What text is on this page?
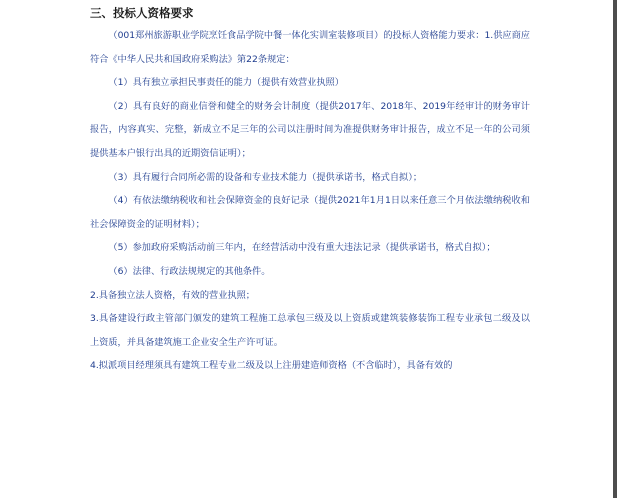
三、投标人资格要求

（001郑州旅游职业学院烹饪食品学院中餐一体化实训室装修项目）的投标人资格能力要求：1.供应商应符合《中华人民共和国政府采购法》第22条规定：

（1）具有独立承担民事责任的能力（提供有效营业执照）

（2）具有良好的商业信誉和健全的财务会计制度（提供2017年、2018年、2019年经审计的财务审计报告，内容真实、完整，新成立不足三年的公司以注册时间为准提供财务审计报告，成立不足一年的公司须提供基本户银行出具的近期资信证明）；

（3）具有履行合同所必需的设备和专业技术能力（提供承诺书，格式自拟）；

（4）有依法缴纳税收和社会保障资金的良好记录（提供2021年1月1日以来任意三个月依法缴纳税收和社会保障资金的证明材料）；

（5）参加政府采购活动前三年内，在经营活动中没有重大违法记录（提供承诺书，格式自拟）；

（6）法律、行政法规规定的其他条件。

2.具备独立法人资格，有效的营业执照；

3.具备建设行政主管部门颁发的建筑工程施工总承包三级及以上资质或建筑装修装饰工程专业承包二级及以上资质，并具备建筑施工企业安全生产许可证。

4.拟派项目经理须具有建筑工程专业二级及以上注册建造师资格（不含临时），具备有效的
